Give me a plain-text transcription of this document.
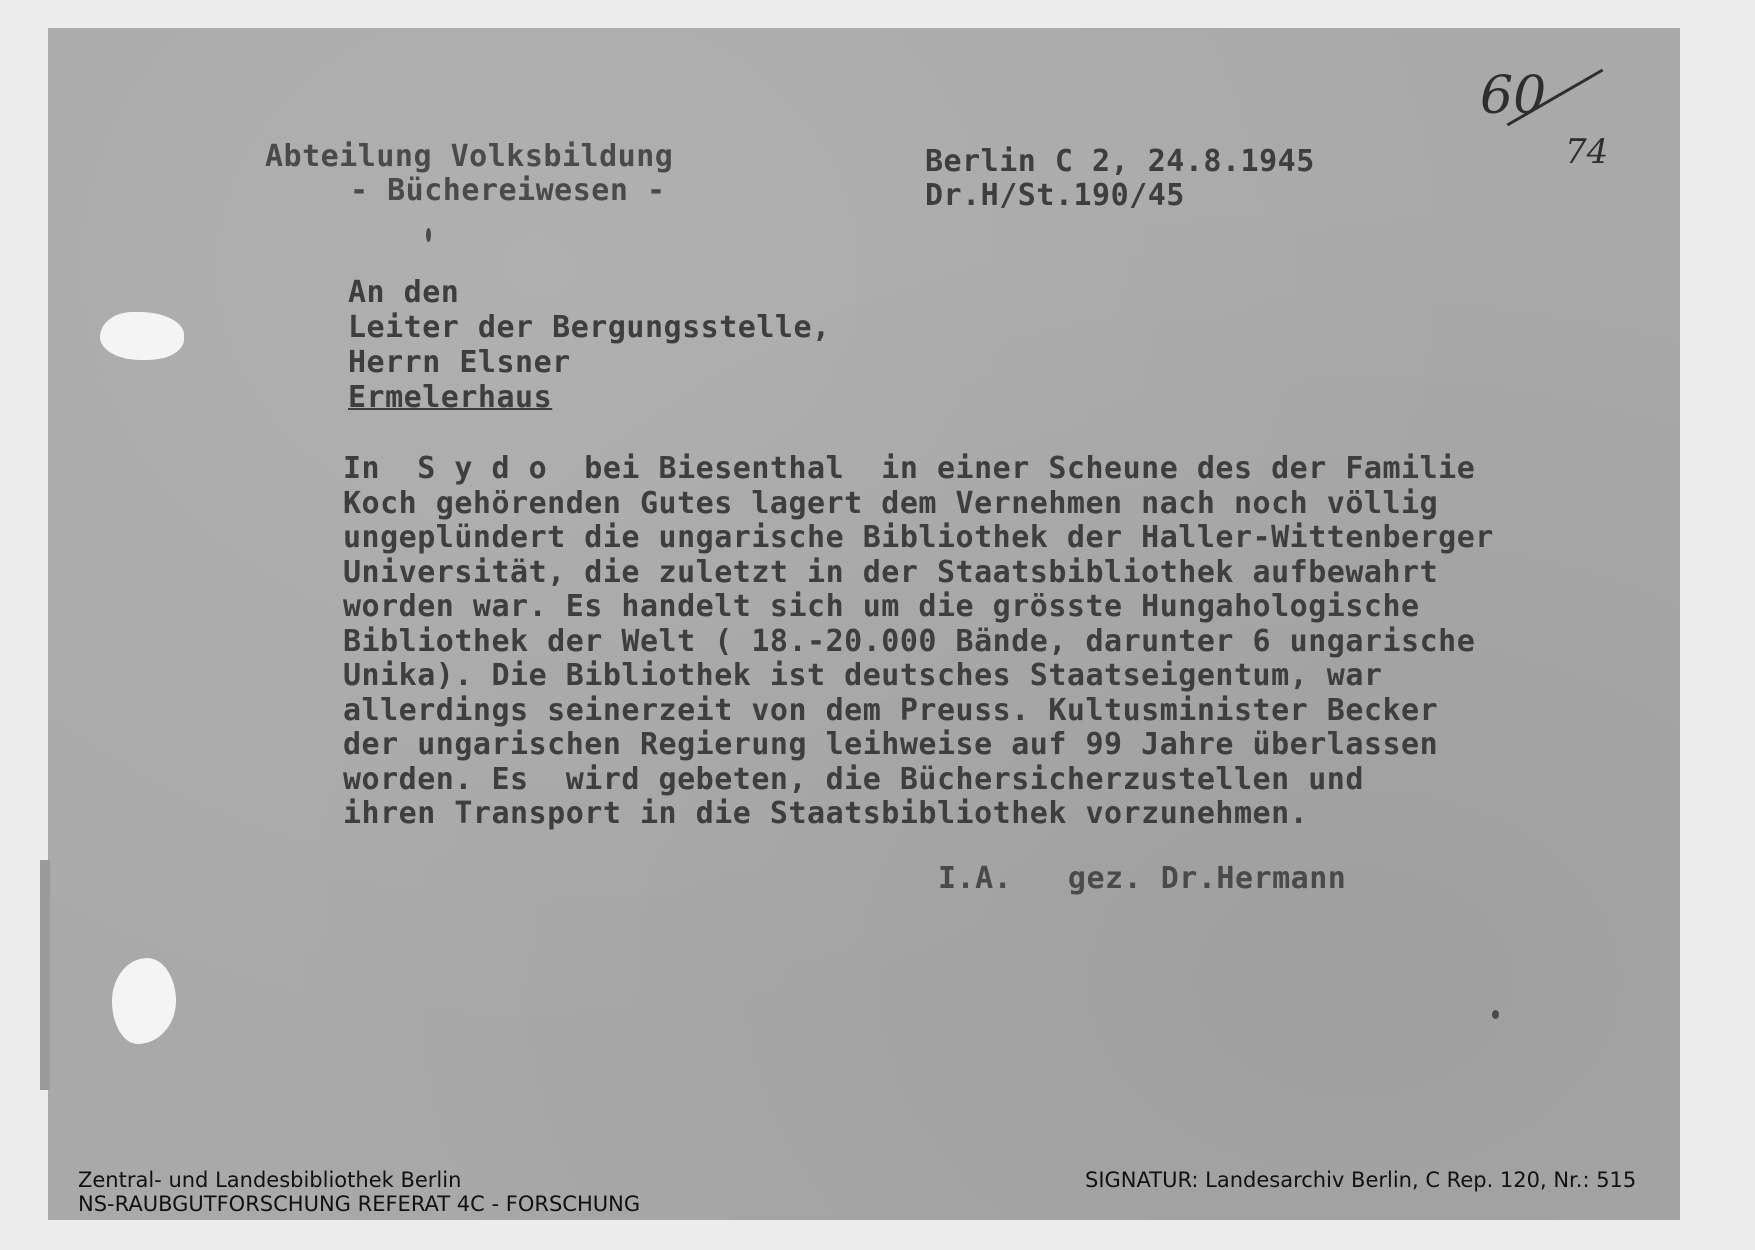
60
74
Abteilung Volksbildung

- Büchereiwesen -
Berlin C 2, 24.8.1945
Dr.H/St.190/45
An den
Leiter der Bergungsstelle,
Herrn Elsner
Ermelerhaus
In  S y d o  bei Biesenthal  in einer Scheune des der Familie
Koch gehörenden Gutes lagert dem Vernehmen nach noch völlig
ungeplündert die ungarische Bibliothek der Haller-Wittenberger
Universität, die zuletzt in der Staatsbibliothek aufbewahrt
worden war. Es handelt sich um die grösste Hungahologische
Bibliothek der Welt ( 18.-20.000 Bände, darunter 6 ungarische
Unika). Die Bibliothek ist deutsches Staatseigentum, war
allerdings seinerzeit von dem Preuss. Kultusminister Becker
der ungarischen Regierung leihweise auf 99 Jahre überlassen
worden. Es  wird gebeten, die Büchersicherzustellen und
ihren Transport in die Staatsbibliothek vorzunehmen.
I.A.   gez. Dr.Hermann
Zentral- und Landesbibliothek Berlin
NS-RAUBGUTFORSCHUNG REFERAT 4C - FORSCHUNG
SIGNATUR: Landesarchiv Berlin, C Rep. 120, Nr.: 515
